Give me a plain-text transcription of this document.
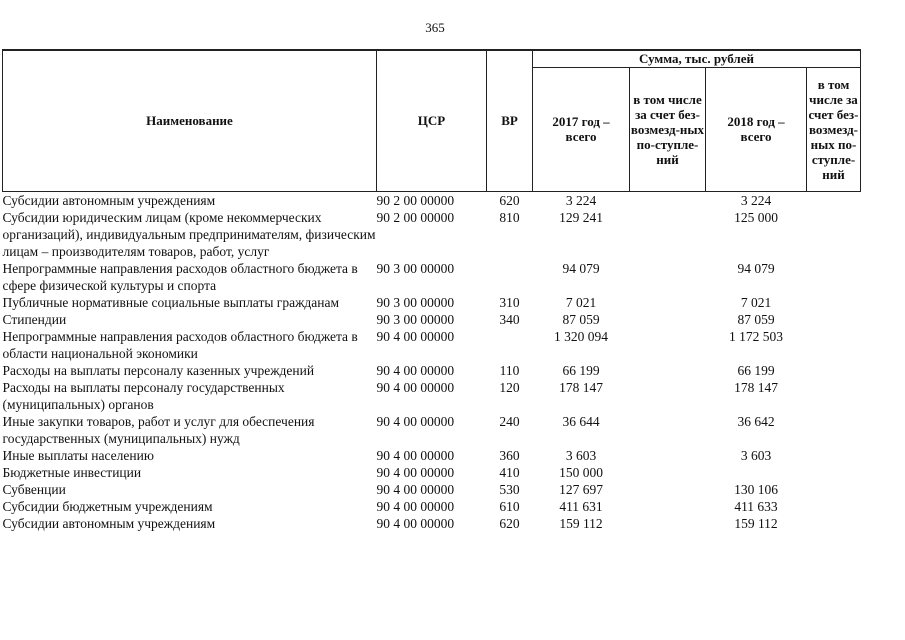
365
Наименование	ЦСР	ВР	Сумма, тыс. рублей			
			2017 год – всего	в том числе за счет без-возмезд-ных по-ступле-ний	2018 год – всего	в том числе за счет без-возмезд-ных по-ступле-ний
Субсидии автономным учреждениям	90 2 00 00000	620	3 224		3 224	
Субсидии юридическим лицам (кроме некоммерческих организаций), индивидуальным предпринимателям, физическим лицам – производителям товаров, работ, услуг	90 2 00 00000	810	129 241		125 000	
Непрограммные направления расходов областного бюджета в сфере физической культуры и спорта	90 3 00 00000		94 079		94 079	
Публичные нормативные социальные выплаты гражданам	90 3 00 00000	310	7 021		7 021	
Стипендии	90 3 00 00000	340	87 059		87 059	
Непрограммные направления расходов областного бюджета в области национальной экономики	90 4 00 00000		1 320 094		1 172 503	
Расходы на выплаты персоналу казенных учреждений	90 4 00 00000	110	66 199		66 199	
Расходы на выплаты персоналу государственных (муниципальных) органов	90 4 00 00000	120	178 147		178 147	
Иные закупки товаров, работ и услуг для обеспечения государственных (муниципальных) нужд	90 4 00 00000	240	36 644		36 642	
Иные выплаты населению	90 4 00 00000	360	3 603		3 603	
Бюджетные инвестиции	90 4 00 00000	410	150 000			
Субвенции	90 4 00 00000	530	127 697		130 106	
Субсидии бюджетным учреждениям	90 4 00 00000	610	411 631		411 633	
Субсидии автономным учреждениям	90 4 00 00000	620	159 112		159 112	
